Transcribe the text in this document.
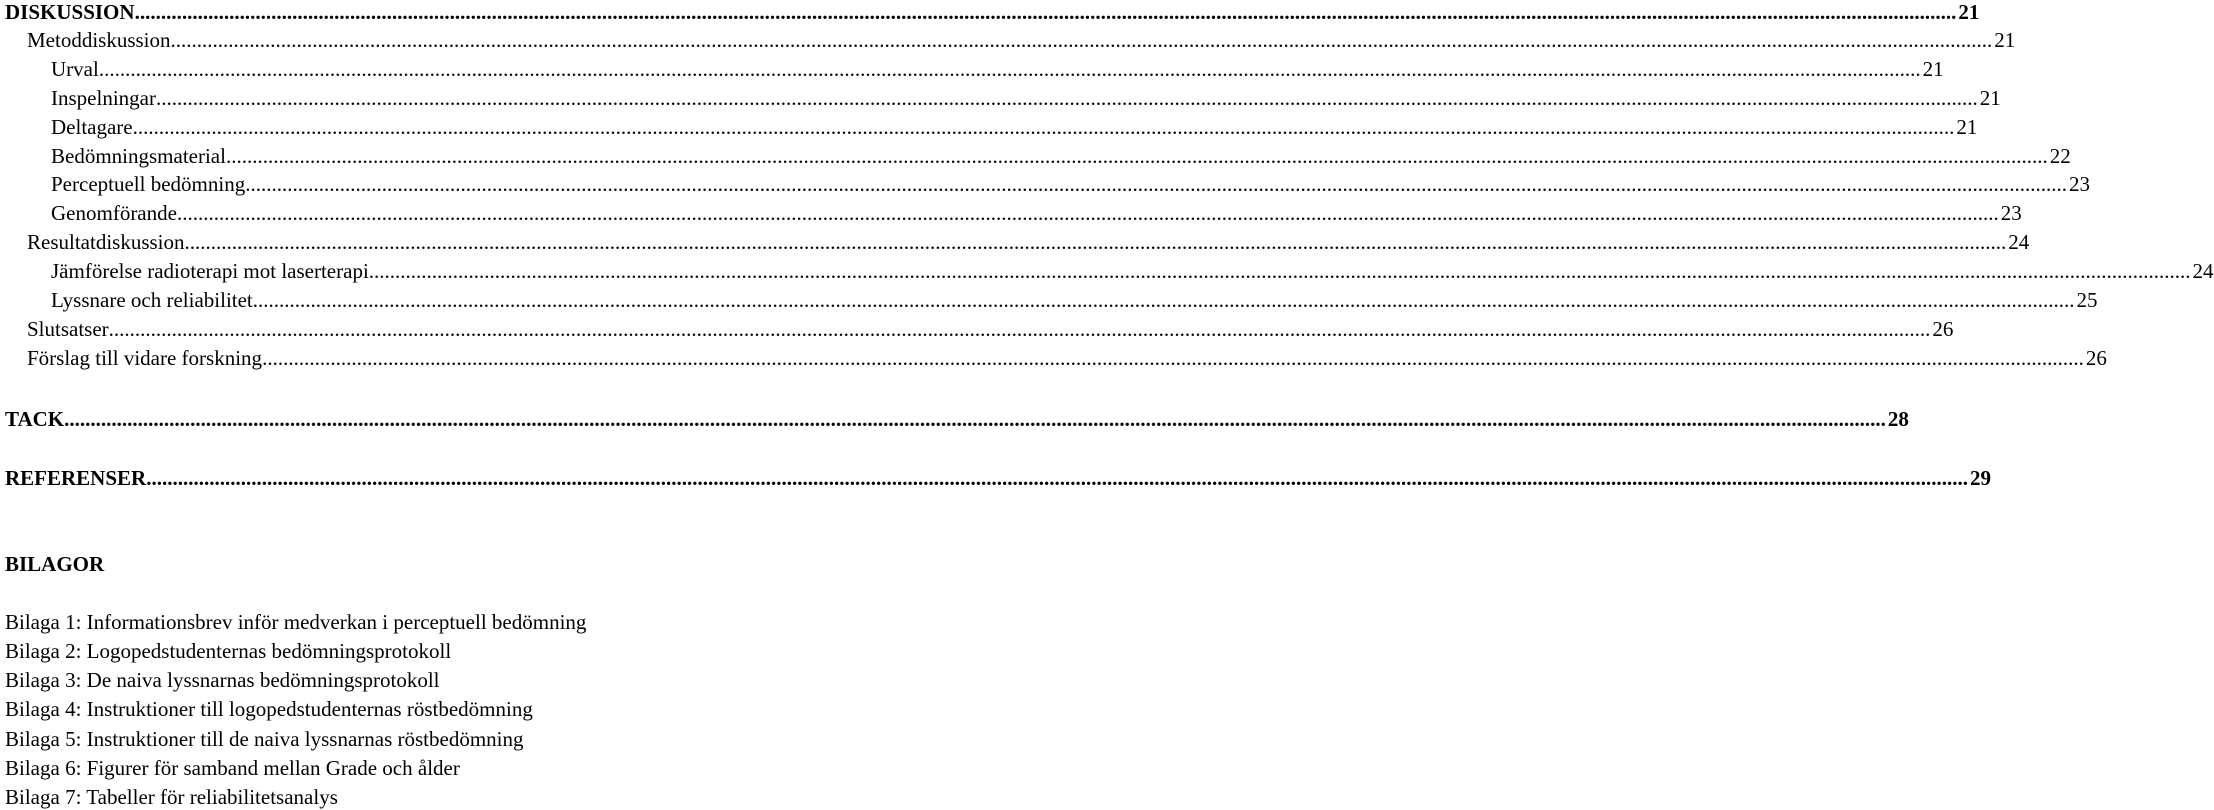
DISKUSSION .....	21
Metoddiskussion .....	21
Urval .....	21
Inspelningar .....	21
Deltagare .....	21
Bedömningsmaterial .....	22
Perceptuell bedömning .....	23
Genomförande .....	23
Resultatdiskussion .....	24
Jämförelse radioterapi mot laserterapi .....	24
Lyssnare och reliabilitet .....	25
Slutsatser .....	26
Förslag till vidare forskning .....	26
TACK .....	28
REFERENSER .....	29
BILAGOR
Bilaga 1: Informationsbrev inför medverkan i perceptuell bedömning
Bilaga 2: Logopedstudenternas bedömningsprotokoll
Bilaga 3: De naiva lyssnarnas bedömningsprotokoll
Bilaga 4: Instruktioner till logopedstudenternas röstbedömning
Bilaga 5: Instruktioner till de naiva lyssnarnas röstbedömning
Bilaga 6: Figurer för samband mellan Grade och ålder
Bilaga 7: Tabeller för reliabilitetsanalys
